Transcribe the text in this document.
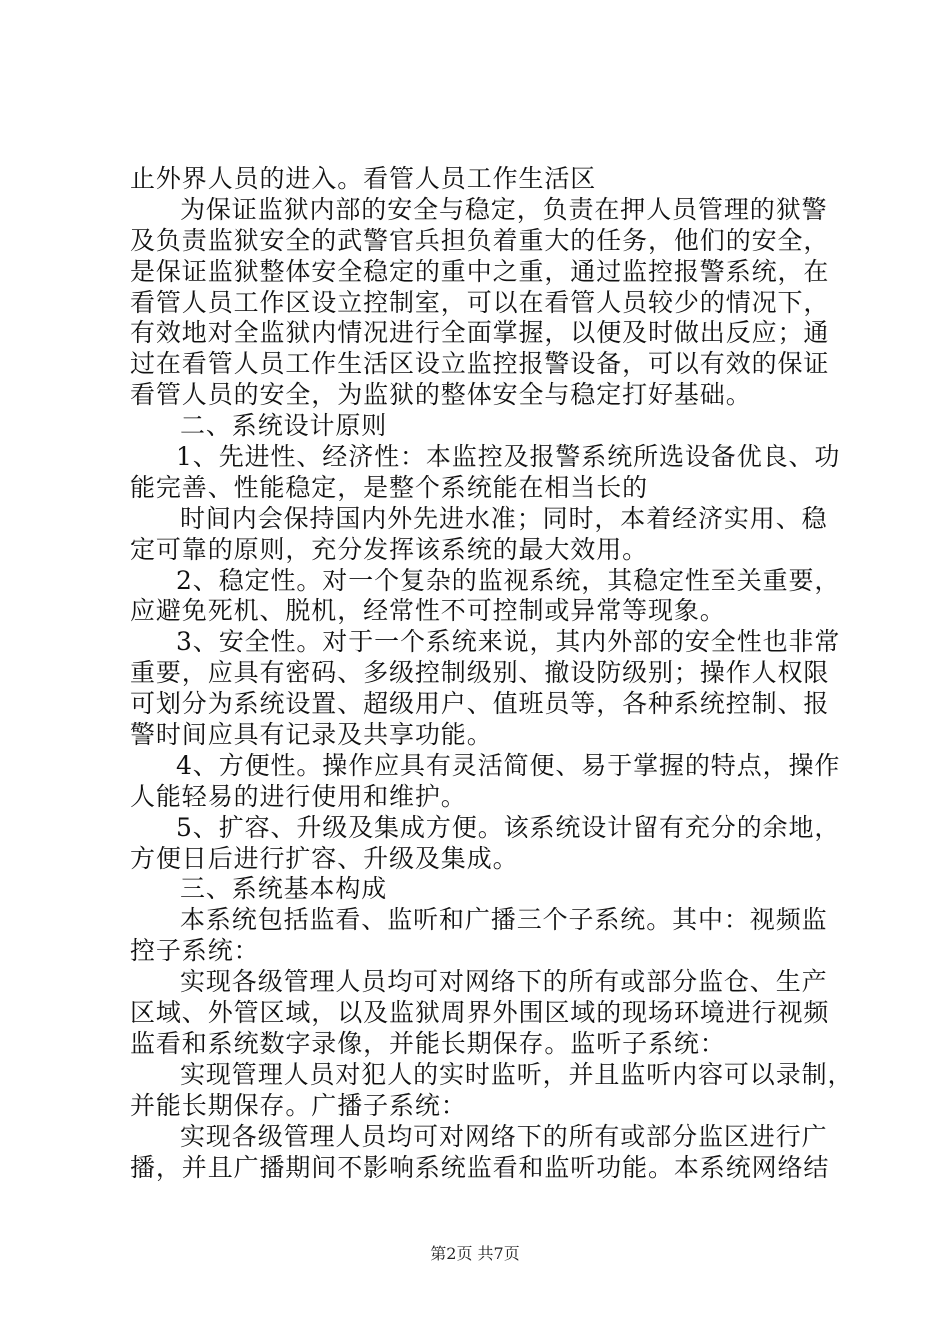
止外界人员的进入。看管人员工作生活区
为保证监狱内部的安全与稳定，负责在押人员管理的狱警
及负责监狱安全的武警官兵担负着重大的任务，他们的安全，
是保证监狱整体安全稳定的重中之重，通过监控报警系统，在
看管人员工作区设立控制室，可以在看管人员较少的情况下，
有效地对全监狱内情况进行全面掌握，以便及时做出反应；通
过在看管人员工作生活区设立监控报警设备，可以有效的保证
看管人员的安全，为监狱的整体安全与稳定打好基础。
二、系统设计原则
1、先进性、经济性：本监控及报警系统所选设备优良、功
能完善、性能稳定，是整个系统能在相当长的
时间内会保持国内外先进水准；同时，本着经济实用、稳
定可靠的原则，充分发挥该系统的最大效用。
2、稳定性。对一个复杂的监视系统，其稳定性至关重要，
应避免死机、脱机，经常性不可控制或异常等现象。
3、安全性。对于一个系统来说，其内外部的安全性也非常
重要，应具有密码、多级控制级别、撤设防级别；操作人权限
可划分为系统设置、超级用户、值班员等，各种系统控制、报
警时间应具有记录及共享功能。
4、方便性。操作应具有灵活简便、易于掌握的特点，操作
人能轻易的进行使用和维护。
5、扩容、升级及集成方便。该系统设计留有充分的余地，
方便日后进行扩容、升级及集成。
三、系统基本构成
本系统包括监看、监听和广播三个子系统。其中：视频监
控子系统：
实现各级管理人员均可对网络下的所有或部分监仓、生产
区域、外管区域，以及监狱周界外围区域的现场环境进行视频
监看和系统数字录像，并能长期保存。监听子系统：
实现管理人员对犯人的实时监听，并且监听内容可以录制，
并能长期保存。广播子系统：
实现各级管理人员均可对网络下的所有或部分监区进行广
播，并且广播期间不影响系统监看和监听功能。本系统网络结
第2页 共7页
